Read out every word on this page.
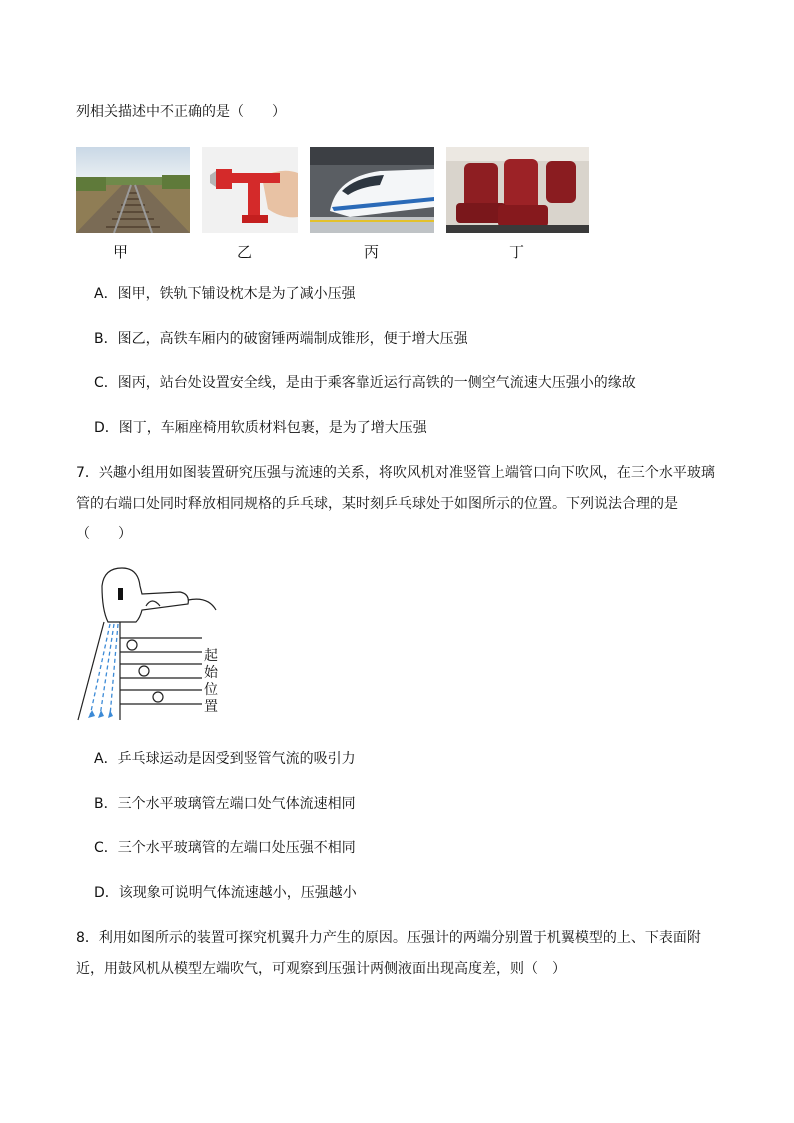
列相关描述中不正确的是（　　）
甲	乙	丙	丁
A．图甲，铁轨下铺设枕木是为了减小压强
B．图乙，高铁车厢内的破窗锤两端制成锥形，便于增大压强
C．图丙，站台处设置安全线，是由于乘客靠近运行高铁的一侧空气流速大压强小的缘故
D．图丁，车厢座椅用软质材料包裹，是为了增大压强
7．兴趣小组用如图装置研究压强与流速的关系，将吹风机对准竖管上端管口向下吹风，在三个水平玻璃
管的右端口处同时释放相同规格的乒乓球，某时刻乒乓球处于如图所示的位置。下列说法合理的是
（　　）
起
始
位
置
A．乒乓球运动是因受到竖管气流的吸引力
B．三个水平玻璃管左端口处气体流速相同
C．三个水平玻璃管的左端口处压强不相同
D．该现象可说明气体流速越小，压强越小
8．利用如图所示的装置可探究机翼升力产生的原因。压强计的两端分别置于机翼模型的上、下表面附
近，用鼓风机从模型左端吹气，可观察到压强计两侧液面出现高度差，则（　）
